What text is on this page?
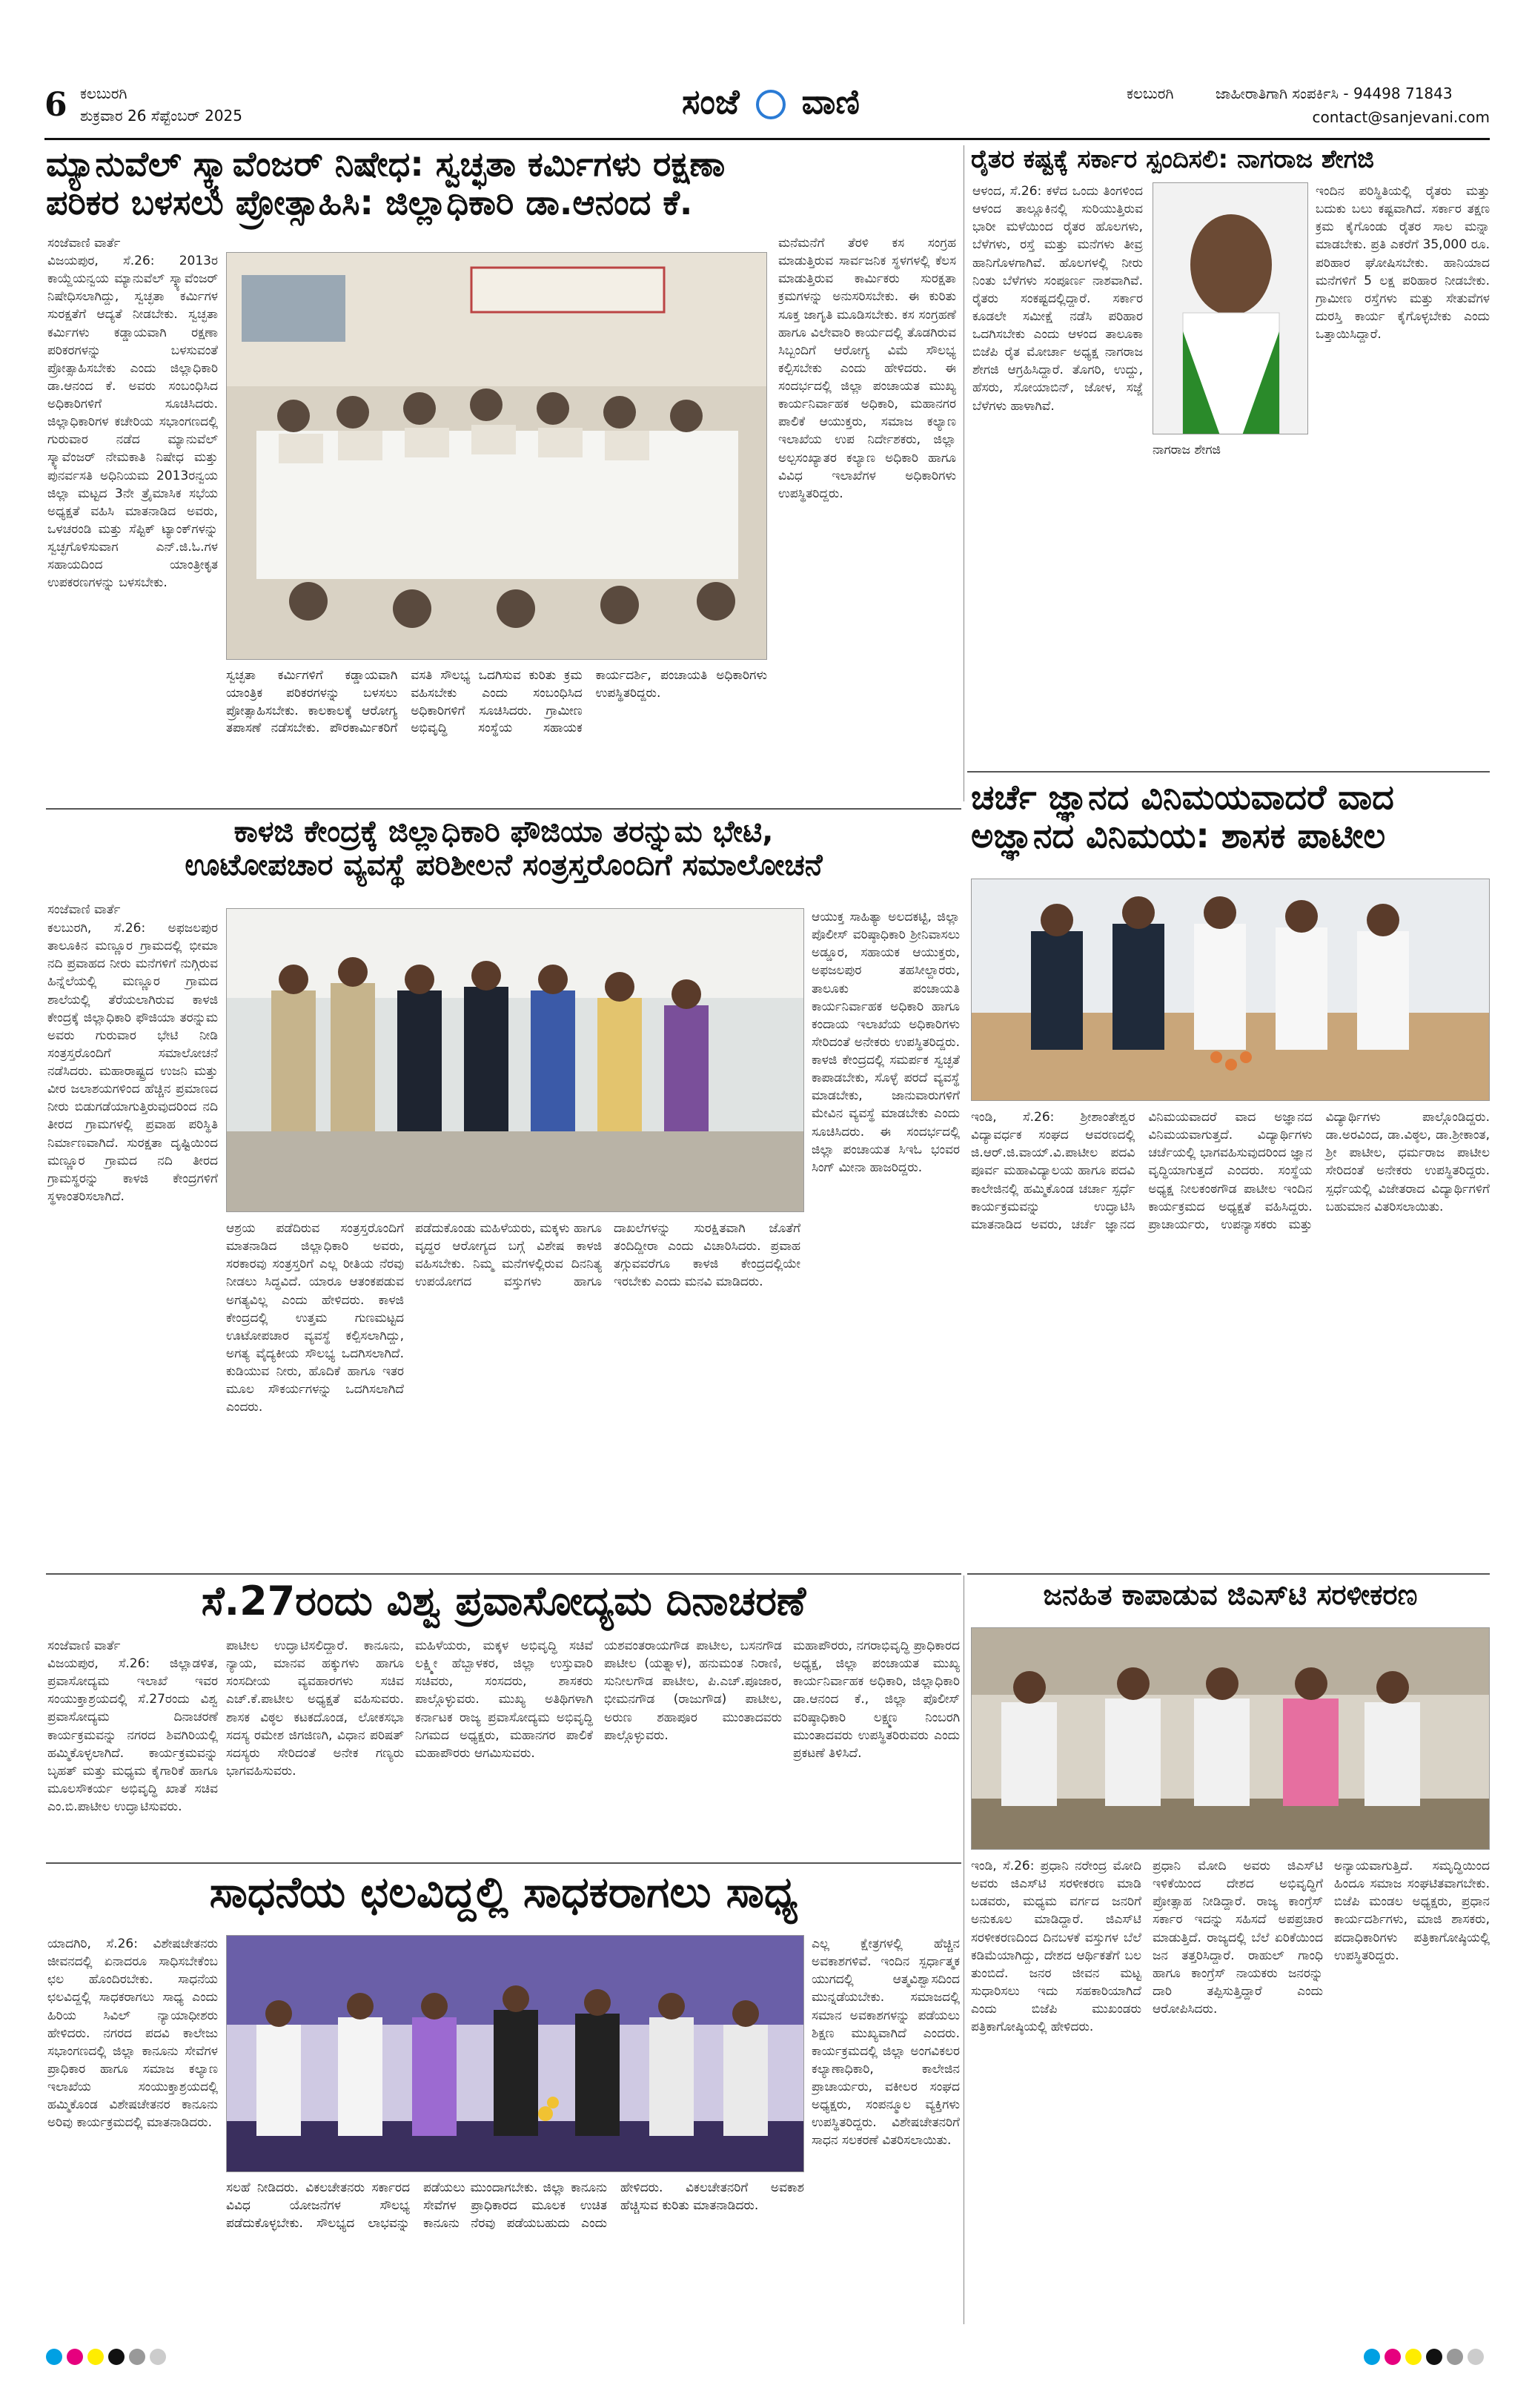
6 ಕಲಬುರಗಿ
ಶುಕ್ರವಾರ 26 ಸೆಪ್ಟೆಂಬರ್ 2025	ಸಂಜೆ ವಾಣಿ	ಕಲಬುರಗಿ	ಜಾಹೀರಾತಿಗಾಗಿ ಸಂಪರ್ಕಿಸಿ - 94498 71843
contact@sanjevani.com
ಮ್ಯಾನುವೆಲ್ ಸ್ಕ್ಯಾವೆಂಜರ್ ನಿಷೇಧ: ಸ್ವಚ್ಛತಾ ಕರ್ಮಿಗಳು ರಕ್ಷಣಾ
ಪರಿಕರ ಬಳಸಲು ಪ್ರೋತ್ಸಾಹಿಸಿ: ಜಿಲ್ಲಾಧಿಕಾರಿ ಡಾ.ಆನಂದ ಕೆ.
ಸಂಜೆವಾಣಿ ವಾರ್ತೆ
ವಿಜಯಪುರ, ಸೆ.26: 2013ರ ಕಾಯ್ದೆಯನ್ವಯ ಮ್ಯಾನುವೆಲ್ ಸ್ಕ್ಯಾವೆಂಜರ್ ನಿಷೇಧಿಸಲಾಗಿದ್ದು, ಸ್ವಚ್ಛತಾ ಕರ್ಮಿಗಳ ಸುರಕ್ಷತೆಗೆ ಆದ್ಯತೆ ನೀಡಬೇಕು. ಸ್ವಚ್ಛತಾ ಕರ್ಮಿಗಳು ಕಡ್ಡಾಯವಾಗಿ ರಕ್ಷಣಾ ಪರಿಕರಗಳನ್ನು ಬಳಸುವಂತೆ ಪ್ರೋತ್ಸಾಹಿಸಬೇಕು ಎಂದು ಜಿಲ್ಲಾಧಿಕಾರಿ ಡಾ.ಆನಂದ ಕೆ. ಅವರು ಸಂಬಂಧಿಸಿದ ಅಧಿಕಾರಿಗಳಿಗೆ ಸೂಚಿಸಿದರು. ಜಿಲ್ಲಾಧಿಕಾರಿಗಳ ಕಚೇರಿಯ ಸಭಾಂಗಣದಲ್ಲಿ ಗುರುವಾರ ನಡೆದ ಮ್ಯಾನುವೆಲ್ ಸ್ಕ್ಯಾವೆಂಜರ್ ನೇಮಕಾತಿ ನಿಷೇಧ ಮತ್ತು ಪುನರ್ವಸತಿ ಅಧಿನಿಯಮ 2013ರನ್ವಯ ಜಿಲ್ಲಾ ಮಟ್ಟದ 3ನೇ ತ್ರೈಮಾಸಿಕ ಸಭೆಯ ಅಧ್ಯಕ್ಷತೆ ವಹಿಸಿ ಮಾತನಾಡಿದ ಅವರು, ಒಳಚರಂಡಿ ಮತ್ತು ಸೆಪ್ಟಿಕ್ ಟ್ಯಾಂಕ್‌ಗಳನ್ನು ಸ್ವಚ್ಛಗೊಳಿಸುವಾಗ ಎನ್.ಜಿ.ಓ.ಗಳ ಸಹಾಯದಿಂದ ಯಾಂತ್ರೀಕೃತ ಉಪಕರಣಗಳನ್ನು ಬಳಸಬೇಕು.
ಸ್ವಚ್ಛತಾ ಕರ್ಮಿಗಳಿಗೆ ಕಡ್ಡಾಯವಾಗಿ ಯಾಂತ್ರಿಕ ಪರಿಕರಗಳನ್ನು ಬಳಸಲು ಪ್ರೋತ್ಸಾಹಿಸಬೇಕು. ಕಾಲಕಾಲಕ್ಕೆ ಆರೋಗ್ಯ ತಪಾಸಣೆ ನಡೆಸಬೇಕು. ಪೌರಕಾರ್ಮಿಕರಿಗೆ ವಸತಿ ಸೌಲಭ್ಯ ಒದಗಿಸುವ ಕುರಿತು ಕ್ರಮ ವಹಿಸಬೇಕು ಎಂದು ಸಂಬಂಧಿಸಿದ ಅಧಿಕಾರಿಗಳಿಗೆ ಸೂಚಿಸಿದರು. ಗ್ರಾಮೀಣ ಅಭಿವೃದ್ಧಿ ಸಂಸ್ಥೆಯ ಸಹಾಯಕ ಕಾರ್ಯದರ್ಶಿ, ಪಂಚಾಯತಿ ಅಧಿಕಾರಿಗಳು ಉಪಸ್ಥಿತರಿದ್ದರು.
ಮನೆಮನೆಗೆ ತೆರಳಿ ಕಸ ಸಂಗ್ರಹ ಮಾಡುತ್ತಿರುವ ಸಾರ್ವಜನಿಕ ಸ್ಥಳಗಳಲ್ಲಿ ಕೆಲಸ ಮಾಡುತ್ತಿರುವ ಕಾರ್ಮಿಕರು ಸುರಕ್ಷತಾ ಕ್ರಮಗಳನ್ನು ಅನುಸರಿಸಬೇಕು. ಈ ಕುರಿತು ಸೂಕ್ತ ಜಾಗೃತಿ ಮೂಡಿಸಬೇಕು. ಕಸ ಸಂಗ್ರಹಣೆ ಹಾಗೂ ವಿಲೇವಾರಿ ಕಾರ್ಯದಲ್ಲಿ ತೊಡಗಿರುವ ಸಿಬ್ಬಂದಿಗೆ ಆರೋಗ್ಯ ವಿಮೆ ಸೌಲಭ್ಯ ಕಲ್ಪಿಸಬೇಕು ಎಂದು ಹೇಳಿದರು. ಈ ಸಂದರ್ಭದಲ್ಲಿ ಜಿಲ್ಲಾ ಪಂಚಾಯತ ಮುಖ್ಯ ಕಾರ್ಯನಿರ್ವಾಹಕ ಅಧಿಕಾರಿ, ಮಹಾನಗರ ಪಾಲಿಕೆ ಆಯುಕ್ತರು, ಸಮಾಜ ಕಲ್ಯಾಣ ಇಲಾಖೆಯ ಉಪ ನಿರ್ದೇಶಕರು, ಜಿಲ್ಲಾ ಅಲ್ಪಸಂಖ್ಯಾತರ ಕಲ್ಯಾಣ ಅಧಿಕಾರಿ ಹಾಗೂ ವಿವಿಧ ಇಲಾಖೆಗಳ ಅಧಿಕಾರಿಗಳು ಉಪಸ್ಥಿತರಿದ್ದರು.
ರೈತರ ಕಷ್ಟಕ್ಕೆ ಸರ್ಕಾರ ಸ್ಪಂದಿಸಲಿ: ನಾಗರಾಜ ಶೇಗಜಿ
ಆಳಂದ, ಸೆ.26: ಕಳೆದ ಒಂದು ತಿಂಗಳಿಂದ ಆಳಂದ ತಾಲ್ಲೂಕಿನಲ್ಲಿ ಸುರಿಯುತ್ತಿರುವ ಭಾರೀ ಮಳೆಯಿಂದ ರೈತರ ಹೊಲಗಳು, ಬೆಳೆಗಳು, ರಸ್ತೆ ಮತ್ತು ಮನೆಗಳು ತೀವ್ರ ಹಾನಿಗೊಳಗಾಗಿವೆ. ಹೊಲಗಳಲ್ಲಿ ನೀರು ನಿಂತು ಬೆಳೆಗಳು ಸಂಪೂರ್ಣ ನಾಶವಾಗಿವೆ. ರೈತರು ಸಂಕಷ್ಟದಲ್ಲಿದ್ದಾರೆ. ಸರ್ಕಾರ ಕೂಡಲೇ ಸಮೀಕ್ಷೆ ನಡೆಸಿ ಪರಿಹಾರ ಒದಗಿಸಬೇಕು ಎಂದು ಆಳಂದ ತಾಲೂಕಾ ಬಿಜೆಪಿ ರೈತ ಮೋರ್ಚಾ ಅಧ್ಯಕ್ಷ ನಾಗರಾಜ ಶೇಗಜಿ ಆಗ್ರಹಿಸಿದ್ದಾರೆ. ತೊಗರಿ, ಉದ್ದು, ಹೆಸರು, ಸೋಯಾಬಿನ್, ಜೋಳ, ಸಜ್ಜೆ ಬೆಳೆಗಳು ಹಾಳಾಗಿವೆ.
ಇಂದಿನ ಪರಿಸ್ಥಿತಿಯಲ್ಲಿ ರೈತರು ಮತ್ತು ಬದುಕು ಬಲು ಕಷ್ಟವಾಗಿದೆ. ಸರ್ಕಾರ ತಕ್ಷಣ ಕ್ರಮ ಕೈಗೊಂಡು ರೈತರ ಸಾಲ ಮನ್ನಾ ಮಾಡಬೇಕು. ಪ್ರತಿ ಎಕರೆಗೆ 35,000 ರೂ. ಪರಿಹಾರ ಘೋಷಿಸಬೇಕು. ಹಾನಿಯಾದ ಮನೆಗಳಿಗೆ 5 ಲಕ್ಷ ಪರಿಹಾರ ನೀಡಬೇಕು. ಗ್ರಾಮೀಣ ರಸ್ತೆಗಳು ಮತ್ತು ಸೇತುವೆಗಳ ದುರಸ್ತಿ ಕಾರ್ಯ ಕೈಗೊಳ್ಳಬೇಕು ಎಂದು ಒತ್ತಾಯಿಸಿದ್ದಾರೆ.
ನಾಗರಾಜ ಶೇಗಜಿ
ಚರ್ಚೆ ಜ್ಞಾನದ ವಿನಿಮಯವಾದರೆ ವಾದ
ಅಜ್ಞಾನದ ವಿನಿಮಯ: ಶಾಸಕ ಪಾಟೀಲ
ಇಂಡಿ, ಸೆ.26: ಶ್ರೀಶಾಂತೇಶ್ವರ ವಿದ್ಯಾವರ್ಧಕ ಸಂಘದ ಆವರಣದಲ್ಲಿ ಜಿ.ಆರ್.ಜಿ.ವಾಯ್.ವಿ.ಪಾಟೀಲ ಪದವಿ ಪೂರ್ವ ಮಹಾವಿದ್ಯಾಲಯ ಹಾಗೂ ಪದವಿ ಕಾಲೇಜಿನಲ್ಲಿ ಹಮ್ಮಿಕೊಂಡ ಚರ್ಚಾ ಸ್ಪರ್ಧೆ ಕಾರ್ಯಕ್ರಮವನ್ನು ಉದ್ಘಾಟಿಸಿ ಮಾತನಾಡಿದ ಅವರು, ಚರ್ಚೆ ಜ್ಞಾನದ ವಿನಿಮಯವಾದರೆ ವಾದ ಅಜ್ಞಾನದ ವಿನಿಮಯವಾಗುತ್ತದೆ. ವಿದ್ಯಾರ್ಥಿಗಳು ಚರ್ಚೆಯಲ್ಲಿ ಭಾಗವಹಿಸುವುದರಿಂದ ಜ್ಞಾನ ವೃದ್ಧಿಯಾಗುತ್ತದೆ ಎಂದರು. ಸಂಸ್ಥೆಯ ಅಧ್ಯಕ್ಷ ನೀಲಕಂಠಗೌಡ ಪಾಟೀಲ ಇಂದಿನ ಕಾರ್ಯಕ್ರಮದ ಅಧ್ಯಕ್ಷತೆ ವಹಿಸಿದ್ದರು. ಪ್ರಾಚಾರ್ಯರು, ಉಪನ್ಯಾಸಕರು ಮತ್ತು ವಿದ್ಯಾರ್ಥಿಗಳು ಪಾಲ್ಗೊಂಡಿದ್ದರು. ಡಾ.ಅರವಿಂದ, ಡಾ.ವಿಠ್ಠಲ, ಡಾ.ಶ್ರೀಕಾಂತ, ಶ್ರೀ ಪಾಟೀಲ, ಧರ್ಮರಾಜ ಪಾಟೀಲ ಸೇರಿದಂತೆ ಅನೇಕರು ಉಪಸ್ಥಿತರಿದ್ದರು. ಸ್ಪರ್ಧೆಯಲ್ಲಿ ವಿಜೇತರಾದ ವಿದ್ಯಾರ್ಥಿಗಳಿಗೆ ಬಹುಮಾನ ವಿತರಿಸಲಾಯಿತು.
ಕಾಳಜಿ ಕೇಂದ್ರಕ್ಕೆ ಜಿಲ್ಲಾಧಿಕಾರಿ ಫೌಜಿಯಾ ತರನ್ನುಮ ಭೇಟಿ,
ಊಟೋಪಚಾರ ವ್ಯವಸ್ಥೆ ಪರಿಶೀಲನೆ ಸಂತ್ರಸ್ತರೊಂದಿಗೆ ಸಮಾಲೋಚನೆ
ಸಂಜೆವಾಣಿ ವಾರ್ತೆ
ಕಲಬುರಗಿ, ಸೆ.26: ಅಫಜಲಪುರ ತಾಲೂಕಿನ ಮಣ್ಣೂರ ಗ್ರಾಮದಲ್ಲಿ ಭೀಮಾ ನದಿ ಪ್ರವಾಹದ ನೀರು ಮನೆಗಳಿಗೆ ನುಗ್ಗಿರುವ ಹಿನ್ನೆಲೆಯಲ್ಲಿ ಮಣ್ಣೂರ ಗ್ರಾಮದ ಶಾಲೆಯಲ್ಲಿ ತೆರೆಯಲಾಗಿರುವ ಕಾಳಜಿ ಕೇಂದ್ರಕ್ಕೆ ಜಿಲ್ಲಾಧಿಕಾರಿ ಫೌಜಿಯಾ ತರನ್ನುಮ ಅವರು ಗುರುವಾರ ಭೇಟಿ ನೀಡಿ ಸಂತ್ರಸ್ತರೊಂದಿಗೆ ಸಮಾಲೋಚನೆ ನಡೆಸಿದರು. ಮಹಾರಾಷ್ಟ್ರದ ಉಜನಿ ಮತ್ತು ವೀರ ಜಲಾಶಯಗಳಿಂದ ಹೆಚ್ಚಿನ ಪ್ರಮಾಣದ ನೀರು ಬಿಡುಗಡೆಯಾಗುತ್ತಿರುವುದರಿಂದ ನದಿ ತೀರದ ಗ್ರಾಮಗಳಲ್ಲಿ ಪ್ರವಾಹ ಪರಿಸ್ಥಿತಿ ನಿರ್ಮಾಣವಾಗಿದೆ. ಸುರಕ್ಷತಾ ದೃಷ್ಟಿಯಿಂದ ಮಣ್ಣೂರ ಗ್ರಾಮದ ನದಿ ತೀರದ ಗ್ರಾಮಸ್ಥರನ್ನು ಕಾಳಜಿ ಕೇಂದ್ರಗಳಿಗೆ ಸ್ಥಳಾಂತರಿಸಲಾಗಿದೆ.
ಆಶ್ರಯ ಪಡೆದಿರುವ ಸಂತ್ರಸ್ತರೊಂದಿಗೆ ಮಾತನಾಡಿದ ಜಿಲ್ಲಾಧಿಕಾರಿ ಅವರು, ಸರಕಾರವು ಸಂತ್ರಸ್ತರಿಗೆ ಎಲ್ಲ ರೀತಿಯ ನೆರವು ನೀಡಲು ಸಿದ್ಧವಿದೆ. ಯಾರೂ ಆತಂಕಪಡುವ ಅಗತ್ಯವಿಲ್ಲ ಎಂದು ಹೇಳಿದರು. ಕಾಳಜಿ ಕೇಂದ್ರದಲ್ಲಿ ಉತ್ತಮ ಗುಣಮಟ್ಟದ ಊಟೋಪಚಾರ ವ್ಯವಸ್ಥೆ ಕಲ್ಪಿಸಲಾಗಿದ್ದು, ಅಗತ್ಯ ವೈದ್ಯಕೀಯ ಸೌಲಭ್ಯ ಒದಗಿಸಲಾಗಿದೆ. ಕುಡಿಯುವ ನೀರು, ಹೊದಿಕೆ ಹಾಗೂ ಇತರ ಮೂಲ ಸೌಕರ್ಯಗಳನ್ನು ಒದಗಿಸಲಾಗಿದೆ ಎಂದರು.
ಪಡೆದುಕೊಂಡು ಮಹಿಳೆಯರು, ಮಕ್ಕಳು ಹಾಗೂ ವೃದ್ಧರ ಆರೋಗ್ಯದ ಬಗ್ಗೆ ವಿಶೇಷ ಕಾಳಜಿ ವಹಿಸಬೇಕು. ನಿಮ್ಮ ಮನೆಗಳಲ್ಲಿರುವ ದಿನನಿತ್ಯ ಉಪಯೋಗದ ವಸ್ತುಗಳು ಹಾಗೂ ದಾಖಲೆಗಳನ್ನು ಸುರಕ್ಷಿತವಾಗಿ ಜೊತೆಗೆ ತಂದಿದ್ದೀರಾ ಎಂದು ವಿಚಾರಿಸಿದರು. ಪ್ರವಾಹ ತಗ್ಗುವವರೆಗೂ ಕಾಳಜಿ ಕೇಂದ್ರದಲ್ಲಿಯೇ ಇರಬೇಕು ಎಂದು ಮನವಿ ಮಾಡಿದರು.
ಆಯುಕ್ತ ಸಾಹಿತ್ಯಾ ಅಲದಕಟ್ಟಿ, ಜಿಲ್ಲಾ ಪೊಲೀಸ್ ವರಿಷ್ಠಾಧಿಕಾರಿ ಶ್ರೀನಿವಾಸಲು ಅಡ್ಡೂರ, ಸಹಾಯಕ ಆಯುಕ್ತರು, ಅಫಜಲಪುರ ತಹಸೀಲ್ದಾರರು, ತಾಲೂಕು ಪಂಚಾಯತಿ ಕಾರ್ಯನಿರ್ವಾಹಕ ಅಧಿಕಾರಿ ಹಾಗೂ ಕಂದಾಯ ಇಲಾಖೆಯ ಅಧಿಕಾರಿಗಳು ಸೇರಿದಂತೆ ಅನೇಕರು ಉಪಸ್ಥಿತರಿದ್ದರು. ಕಾಳಜಿ ಕೇಂದ್ರದಲ್ಲಿ ಸಮರ್ಪಕ ಸ್ವಚ್ಛತೆ ಕಾಪಾಡಬೇಕು, ಸೊಳ್ಳೆ ಪರದೆ ವ್ಯವಸ್ಥೆ ಮಾಡಬೇಕು, ಜಾನುವಾರುಗಳಿಗೆ ಮೇವಿನ ವ್ಯವಸ್ಥೆ ಮಾಡಬೇಕು ಎಂದು ಸೂಚಿಸಿದರು. ಈ ಸಂದರ್ಭದಲ್ಲಿ ಜಿಲ್ಲಾ ಪಂಚಾಯತ ಸಿಇಓ ಭಂವರ ಸಿಂಗ್ ಮೀನಾ ಹಾಜರಿದ್ದರು.
ಸೆ.27ರಂದು ವಿಶ್ವ ಪ್ರವಾಸೋದ್ಯಮ ದಿನಾಚರಣೆ
ಸಂಜೆವಾಣಿ ವಾರ್ತೆ
ವಿಜಯಪುರ, ಸೆ.26: ಜಿಲ್ಲಾಡಳಿತ, ಪ್ರವಾಸೋದ್ಯಮ ಇಲಾಖೆ ಇವರ ಸಂಯುಕ್ತಾಶ್ರಯದಲ್ಲಿ ಸೆ.27ರಂದು ವಿಶ್ವ ಪ್ರವಾಸೋದ್ಯಮ ದಿನಾಚರಣೆ ಕಾರ್ಯಕ್ರಮವನ್ನು ನಗರದ ಶಿವಗಿರಿಯಲ್ಲಿ ಹಮ್ಮಿಕೊಳ್ಳಲಾಗಿದೆ. ಕಾರ್ಯಕ್ರಮವನ್ನು ಬೃಹತ್ ಮತ್ತು ಮಧ್ಯಮ ಕೈಗಾರಿಕೆ ಹಾಗೂ ಮೂಲಸೌಕರ್ಯ ಅಭಿವೃದ್ಧಿ ಖಾತೆ ಸಚಿವ ಎಂ.ಬಿ.ಪಾಟೀಲ ಉದ್ಘಾಟಿಸುವರು.
ಪಾಟೀಲ ಉದ್ಘಾಟಿಸಲಿದ್ದಾರೆ. ಕಾನೂನು, ನ್ಯಾಯ, ಮಾನವ ಹಕ್ಕುಗಳು ಹಾಗೂ ಸಂಸದೀಯ ವ್ಯವಹಾರಗಳು ಸಚಿವ ಎಚ್.ಕೆ.ಪಾಟೀಲ ಅಧ್ಯಕ್ಷತೆ ವಹಿಸುವರು. ಶಾಸಕ ವಿಠ್ಠಲ ಕಟಕದೊಂಡ, ಲೋಕಸಭಾ ಸದಸ್ಯ ರಮೇಶ ಜಿಗಜಿಣಗಿ, ವಿಧಾನ ಪರಿಷತ್ ಸದಸ್ಯರು ಸೇರಿದಂತೆ ಅನೇಕ ಗಣ್ಯರು ಭಾಗವಹಿಸುವರು.
ಮಹಿಳೆಯರು, ಮಕ್ಕಳ ಅಭಿವೃದ್ಧಿ ಸಚಿವೆ ಲಕ್ಷ್ಮೀ ಹೆಬ್ಬಾಳಕರ, ಜಿಲ್ಲಾ ಉಸ್ತುವಾರಿ ಸಚಿವರು, ಸಂಸದರು, ಶಾಸಕರು ಪಾಲ್ಗೊಳ್ಳುವರು. ಮುಖ್ಯ ಅತಿಥಿಗಳಾಗಿ ಕರ್ನಾಟಕ ರಾಜ್ಯ ಪ್ರವಾಸೋದ್ಯಮ ಅಭಿವೃದ್ಧಿ ನಿಗಮದ ಅಧ್ಯಕ್ಷರು, ಮಹಾನಗರ ಪಾಲಿಕೆ ಮಹಾಪೌರರು ಆಗಮಿಸುವರು.
ಯಶವಂತರಾಯಗೌಡ ಪಾಟೀಲ, ಬಸನಗೌಡ ಪಾಟೀಲ (ಯತ್ನಾಳ), ಹನುಮಂತ ನಿರಾಣಿ, ಸುನೀಲಗೌಡ ಪಾಟೀಲ, ಪಿ.ಎಚ್.ಪೂಜಾರ, ಭೀಮನಗೌಡ (ರಾಜುಗೌಡ) ಪಾಟೀಲ, ಅರುಣ ಶಹಾಪೂರ ಮುಂತಾದವರು ಪಾಲ್ಗೊಳ್ಳುವರು.
ಮಹಾಪೌರರು, ನಗರಾಭಿವೃದ್ಧಿ ಪ್ರಾಧಿಕಾರದ ಅಧ್ಯಕ್ಷ, ಜಿಲ್ಲಾ ಪಂಚಾಯತ ಮುಖ್ಯ ಕಾರ್ಯನಿರ್ವಾಹಕ ಅಧಿಕಾರಿ, ಜಿಲ್ಲಾಧಿಕಾರಿ ಡಾ.ಆನಂದ ಕೆ., ಜಿಲ್ಲಾ ಪೊಲೀಸ್ ವರಿಷ್ಠಾಧಿಕಾರಿ ಲಕ್ಷ್ಮಣ ನಿಂಬರಗಿ ಮುಂತಾದವರು ಉಪಸ್ಥಿತರಿರುವರು ಎಂದು ಪ್ರಕಟಣೆ ತಿಳಿಸಿದೆ.
ಸಾಧನೆಯ ಛಲವಿದ್ದಲ್ಲಿ ಸಾಧಕರಾಗಲು ಸಾಧ್ಯ
ಯಾದಗಿರಿ, ಸೆ.26: ವಿಶೇಷಚೇತನರು ಜೀವನದಲ್ಲಿ ಏನಾದರೂ ಸಾಧಿಸಬೇಕೆಂಬ ಛಲ ಹೊಂದಿರಬೇಕು. ಸಾಧನೆಯ ಛಲವಿದ್ದಲ್ಲಿ ಸಾಧಕರಾಗಲು ಸಾಧ್ಯ ಎಂದು ಹಿರಿಯ ಸಿವಿಲ್ ನ್ಯಾಯಾಧೀಶರು ಹೇಳಿದರು. ನಗರದ ಪದವಿ ಕಾಲೇಜು ಸಭಾಂಗಣದಲ್ಲಿ ಜಿಲ್ಲಾ ಕಾನೂನು ಸೇವೆಗಳ ಪ್ರಾಧಿಕಾರ ಹಾಗೂ ಸಮಾಜ ಕಲ್ಯಾಣ ಇಲಾಖೆಯ ಸಂಯುಕ್ತಾಶ್ರಯದಲ್ಲಿ ಹಮ್ಮಿಕೊಂಡ ವಿಶೇಷಚೇತನರ ಕಾನೂನು ಅರಿವು ಕಾರ್ಯಕ್ರಮದಲ್ಲಿ ಮಾತನಾಡಿದರು.
ಸಲಹೆ ನೀಡಿದರು. ವಿಕಲಚೇತನರು ಸರ್ಕಾರದ ವಿವಿಧ ಯೋಜನೆಗಳ ಸೌಲಭ್ಯ ಪಡೆದುಕೊಳ್ಳಬೇಕು. ಸೌಲಭ್ಯದ ಲಾಭವನ್ನು ಪಡೆಯಲು ಮುಂದಾಗಬೇಕು. ಜಿಲ್ಲಾ ಕಾನೂನು ಸೇವೆಗಳ ಪ್ರಾಧಿಕಾರದ ಮೂಲಕ ಉಚಿತ ಕಾನೂನು ನೆರವು ಪಡೆಯಬಹುದು ಎಂದು ಹೇಳಿದರು. ವಿಕಲಚೇತನರಿಗೆ ಅವಕಾಶ ಹೆಚ್ಚಿಸುವ ಕುರಿತು ಮಾತನಾಡಿದರು.
ಎಲ್ಲ ಕ್ಷೇತ್ರಗಳಲ್ಲಿ ಹೆಚ್ಚಿನ ಅವಕಾಶಗಳಿವೆ. ಇಂದಿನ ಸ್ಪರ್ಧಾತ್ಮಕ ಯುಗದಲ್ಲಿ ಆತ್ಮವಿಶ್ವಾಸದಿಂದ ಮುನ್ನಡೆಯಬೇಕು. ಸಮಾಜದಲ್ಲಿ ಸಮಾನ ಅವಕಾಶಗಳನ್ನು ಪಡೆಯಲು ಶಿಕ್ಷಣ ಮುಖ್ಯವಾಗಿದೆ ಎಂದರು. ಕಾರ್ಯಕ್ರಮದಲ್ಲಿ ಜಿಲ್ಲಾ ಅಂಗವಿಕಲರ ಕಲ್ಯಾಣಾಧಿಕಾರಿ, ಕಾಲೇಜಿನ ಪ್ರಾಚಾರ್ಯರು, ವಕೀಲರ ಸಂಘದ ಅಧ್ಯಕ್ಷರು, ಸಂಪನ್ಮೂಲ ವ್ಯಕ್ತಿಗಳು ಉಪಸ್ಥಿತರಿದ್ದರು. ವಿಶೇಷಚೇತನರಿಗೆ ಸಾಧನ ಸಲಕರಣೆ ವಿತರಿಸಲಾಯಿತು.
ಜನಹಿತ ಕಾಪಾಡುವ ಜಿಎಸ್‌ಟಿ ಸರಳೀಕರಣ
ಇಂಡಿ, ಸೆ.26: ಪ್ರಧಾನಿ ನರೇಂದ್ರ ಮೋದಿ ಅವರು ಜಿಎಸ್‌ಟಿ ಸರಳೀಕರಣ ಮಾಡಿ ಬಡವರು, ಮಧ್ಯಮ ವರ್ಗದ ಜನರಿಗೆ ಅನುಕೂಲ ಮಾಡಿದ್ದಾರೆ. ಜಿಎಸ್‌ಟಿ ಸರಳೀಕರಣದಿಂದ ದಿನಬಳಕೆ ವಸ್ತುಗಳ ಬೆಲೆ ಕಡಿಮೆಯಾಗಿದ್ದು, ದೇಶದ ಆರ್ಥಿಕತೆಗೆ ಬಲ ತುಂಬಿದೆ. ಜನರ ಜೀವನ ಮಟ್ಟ ಸುಧಾರಿಸಲು ಇದು ಸಹಕಾರಿಯಾಗಿದೆ ಎಂದು ಬಿಜೆಪಿ ಮುಖಂಡರು ಪತ್ರಿಕಾಗೋಷ್ಠಿಯಲ್ಲಿ ಹೇಳಿದರು.
ಪ್ರಧಾನಿ ಮೋದಿ ಅವರು ಜಿಎಸ್‌ಟಿ ಇಳಿಕೆಯಿಂದ ದೇಶದ ಅಭಿವೃದ್ಧಿಗೆ ಪ್ರೋತ್ಸಾಹ ನೀಡಿದ್ದಾರೆ. ರಾಜ್ಯ ಕಾಂಗ್ರೆಸ್ ಸರ್ಕಾರ ಇದನ್ನು ಸಹಿಸದೆ ಅಪಪ್ರಚಾರ ಮಾಡುತ್ತಿದೆ. ರಾಜ್ಯದಲ್ಲಿ ಬೆಲೆ ಏರಿಕೆಯಿಂದ ಜನ ತತ್ತರಿಸಿದ್ದಾರೆ. ರಾಹುಲ್ ಗಾಂಧಿ ಹಾಗೂ ಕಾಂಗ್ರೆಸ್ ನಾಯಕರು ಜನರನ್ನು ದಾರಿ ತಪ್ಪಿಸುತ್ತಿದ್ದಾರೆ ಎಂದು ಆರೋಪಿಸಿದರು.
ಅನ್ಯಾಯವಾಗುತ್ತಿದೆ. ಸಮೃದ್ಧಿಯಿಂದ ಹಿಂದೂ ಸಮಾಜ ಸಂಘಟಿತವಾಗಬೇಕು. ಬಿಜೆಪಿ ಮಂಡಲ ಅಧ್ಯಕ್ಷರು, ಪ್ರಧಾನ ಕಾರ್ಯದರ್ಶಿಗಳು, ಮಾಜಿ ಶಾಸಕರು, ಪದಾಧಿಕಾರಿಗಳು ಪತ್ರಿಕಾಗೋಷ್ಠಿಯಲ್ಲಿ ಉಪಸ್ಥಿತರಿದ್ದರು.
